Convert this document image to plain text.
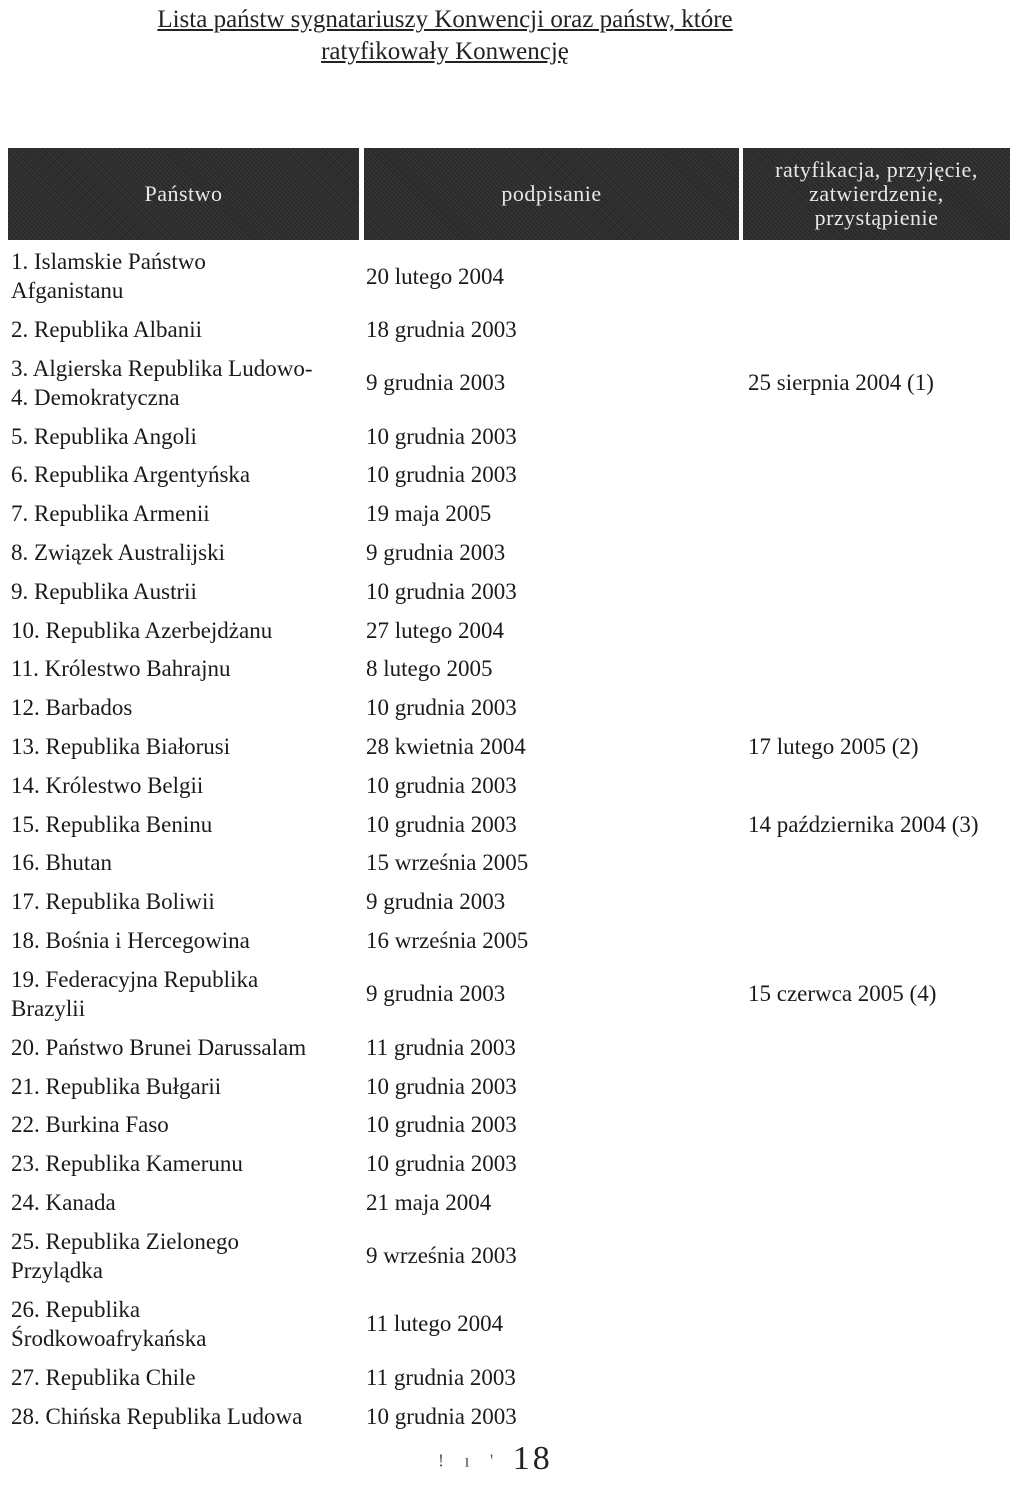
Lista państw sygnatariuszy Konwencji oraz państw, które
ratyfikowały Konwencję
Państwo	podpisanie
ratyfikacja, przyjęcie,
zatwierdzenie,
przystąpienie
1. Islamskie Państwo
Afganistanu
20 lutego 2004
2. Republika Albanii	18 grudnia 2003
3. Algierska Republika Ludowo-
4. Demokratyczna
9 grudnia 2003	25 sierpnia 2004 (1)
5. Republika Angoli	10 grudnia 2003
6. Republika Argentyńska	10 grudnia 2003
7. Republika Armenii	19 maja 2005
8. Związek Australijski	9 grudnia 2003
9. Republika Austrii	10 grudnia 2003
10. Republika Azerbejdżanu	27 lutego 2004
11. Królestwo Bahrajnu	8 lutego 2005
12. Barbados	10 grudnia 2003
13. Republika Białorusi	28 kwietnia 2004	17 lutego 2005 (2)
14. Królestwo Belgii	10 grudnia 2003
15. Republika Beninu	10 grudnia 2003	14 października 2004 (3)
16. Bhutan	15 września 2005
17. Republika Boliwii	9 grudnia 2003
18. Bośnia i Hercegowina	16 września 2005
19. Federacyjna Republika
Brazylii
9 grudnia 2003	15 czerwca 2005 (4)
20. Państwo Brunei Darussalam	11 grudnia 2003
21. Republika Bułgarii	10 grudnia 2003
22. Burkina Faso	10 grudnia 2003
23. Republika Kamerunu	10 grudnia 2003
24. Kanada	21 maja 2004
25. Republika Zielonego
Przylądka
9 września 2003
26. Republika
Środkowoafrykańska
11 lutego 2004
27. Republika Chile	11 grudnia 2003
28. Chińska Republika Ludowa	10 grudnia 2003
! ı ' 18
